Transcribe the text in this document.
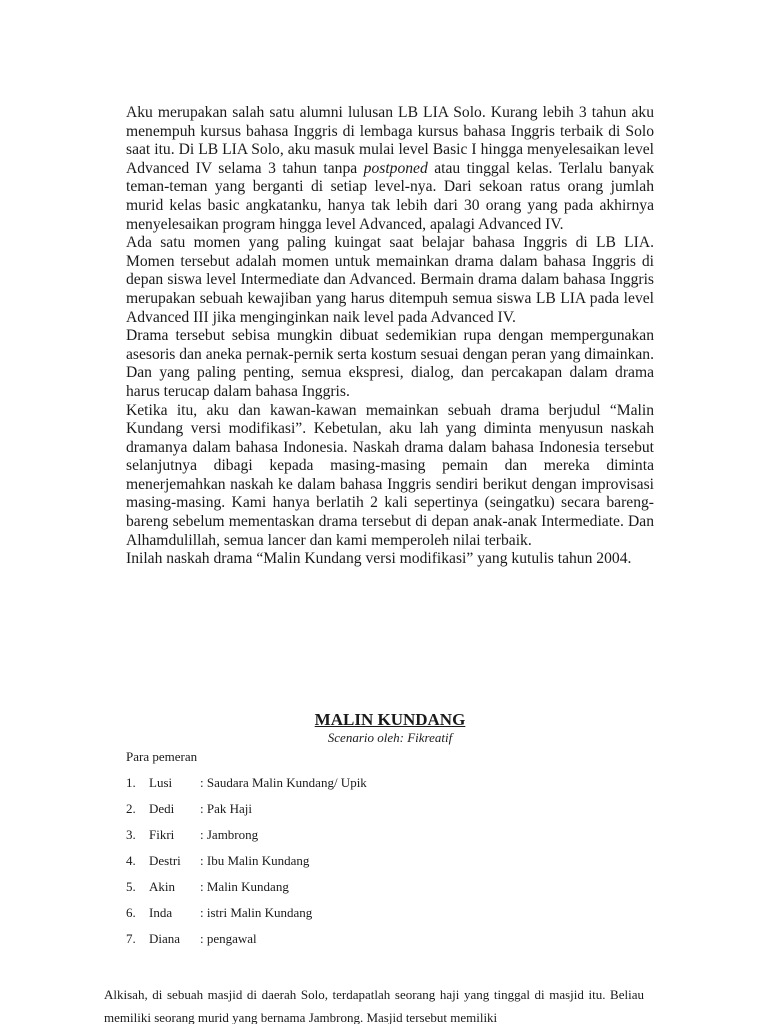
Aku merupakan salah satu alumni lulusan LB LIA Solo. Kurang lebih 3 tahun aku menempuh kursus bahasa Inggris di lembaga kursus bahasa Inggris terbaik di Solo saat itu. Di LB LIA Solo, aku masuk mulai level Basic I hingga menyelesaikan level Advanced IV selama 3 tahun tanpa postponed atau tinggal kelas. Terlalu banyak teman-teman yang berganti di setiap level-nya. Dari sekoan ratus orang jumlah murid kelas basic angkatanku, hanya tak lebih dari 30 orang yang pada akhirnya menyelesaikan program hingga level Advanced, apalagi Advanced IV.

Ada satu momen yang paling kuingat saat belajar bahasa Inggris di LB LIA. Momen tersebut adalah momen untuk memainkan drama dalam bahasa Inggris di depan siswa level Intermediate dan Advanced. Bermain drama dalam bahasa Inggris merupakan sebuah kewajiban yang harus ditempuh semua siswa LB LIA pada level Advanced III jika menginginkan naik level pada Advanced IV.

Drama tersebut sebisa mungkin dibuat sedemikian rupa dengan mempergunakan asesoris dan aneka pernak-pernik serta kostum sesuai dengan peran yang dimainkan. Dan yang paling penting, semua ekspresi, dialog, dan percakapan dalam drama harus terucap dalam bahasa Inggris.

Ketika itu, aku dan kawan-kawan memainkan sebuah drama berjudul “Malin Kundang versi modifikasi”. Kebetulan, aku lah yang diminta menyusun naskah dramanya dalam bahasa Indonesia. Naskah drama dalam bahasa Indonesia tersebut selanjutnya dibagi kepada masing-masing pemain dan mereka diminta menerjemahkan naskah ke dalam bahasa Inggris sendiri berikut dengan improvisasi masing-masing. Kami hanya berlatih 2 kali sepertinya (seingatku) secara bareng-bareng sebelum mementaskan drama tersebut di depan anak-anak Intermediate. Dan Alhamdulillah, semua lancer dan kami memperoleh nilai terbaik.

Inilah naskah drama “Malin Kundang versi modifikasi” yang kutulis tahun 2004.

MALIN KUNDANG

Scenario oleh: Fikreatif

Para pemeran

1. Lusi : Saudara Malin Kundang/ Upik
2. Dedi : Pak Haji
3. Fikri : Jambrong
4. Destri : Ibu Malin Kundang
5. Akin : Malin Kundang
6. Inda : istri Malin Kundang
7. Diana : pengawal

Alkisah, di sebuah masjid di daerah Solo, terdapatlah seorang haji yang tinggal di masjid itu. Beliau memiliki seorang murid yang bernama Jambrong. Masjid tersebut memiliki
